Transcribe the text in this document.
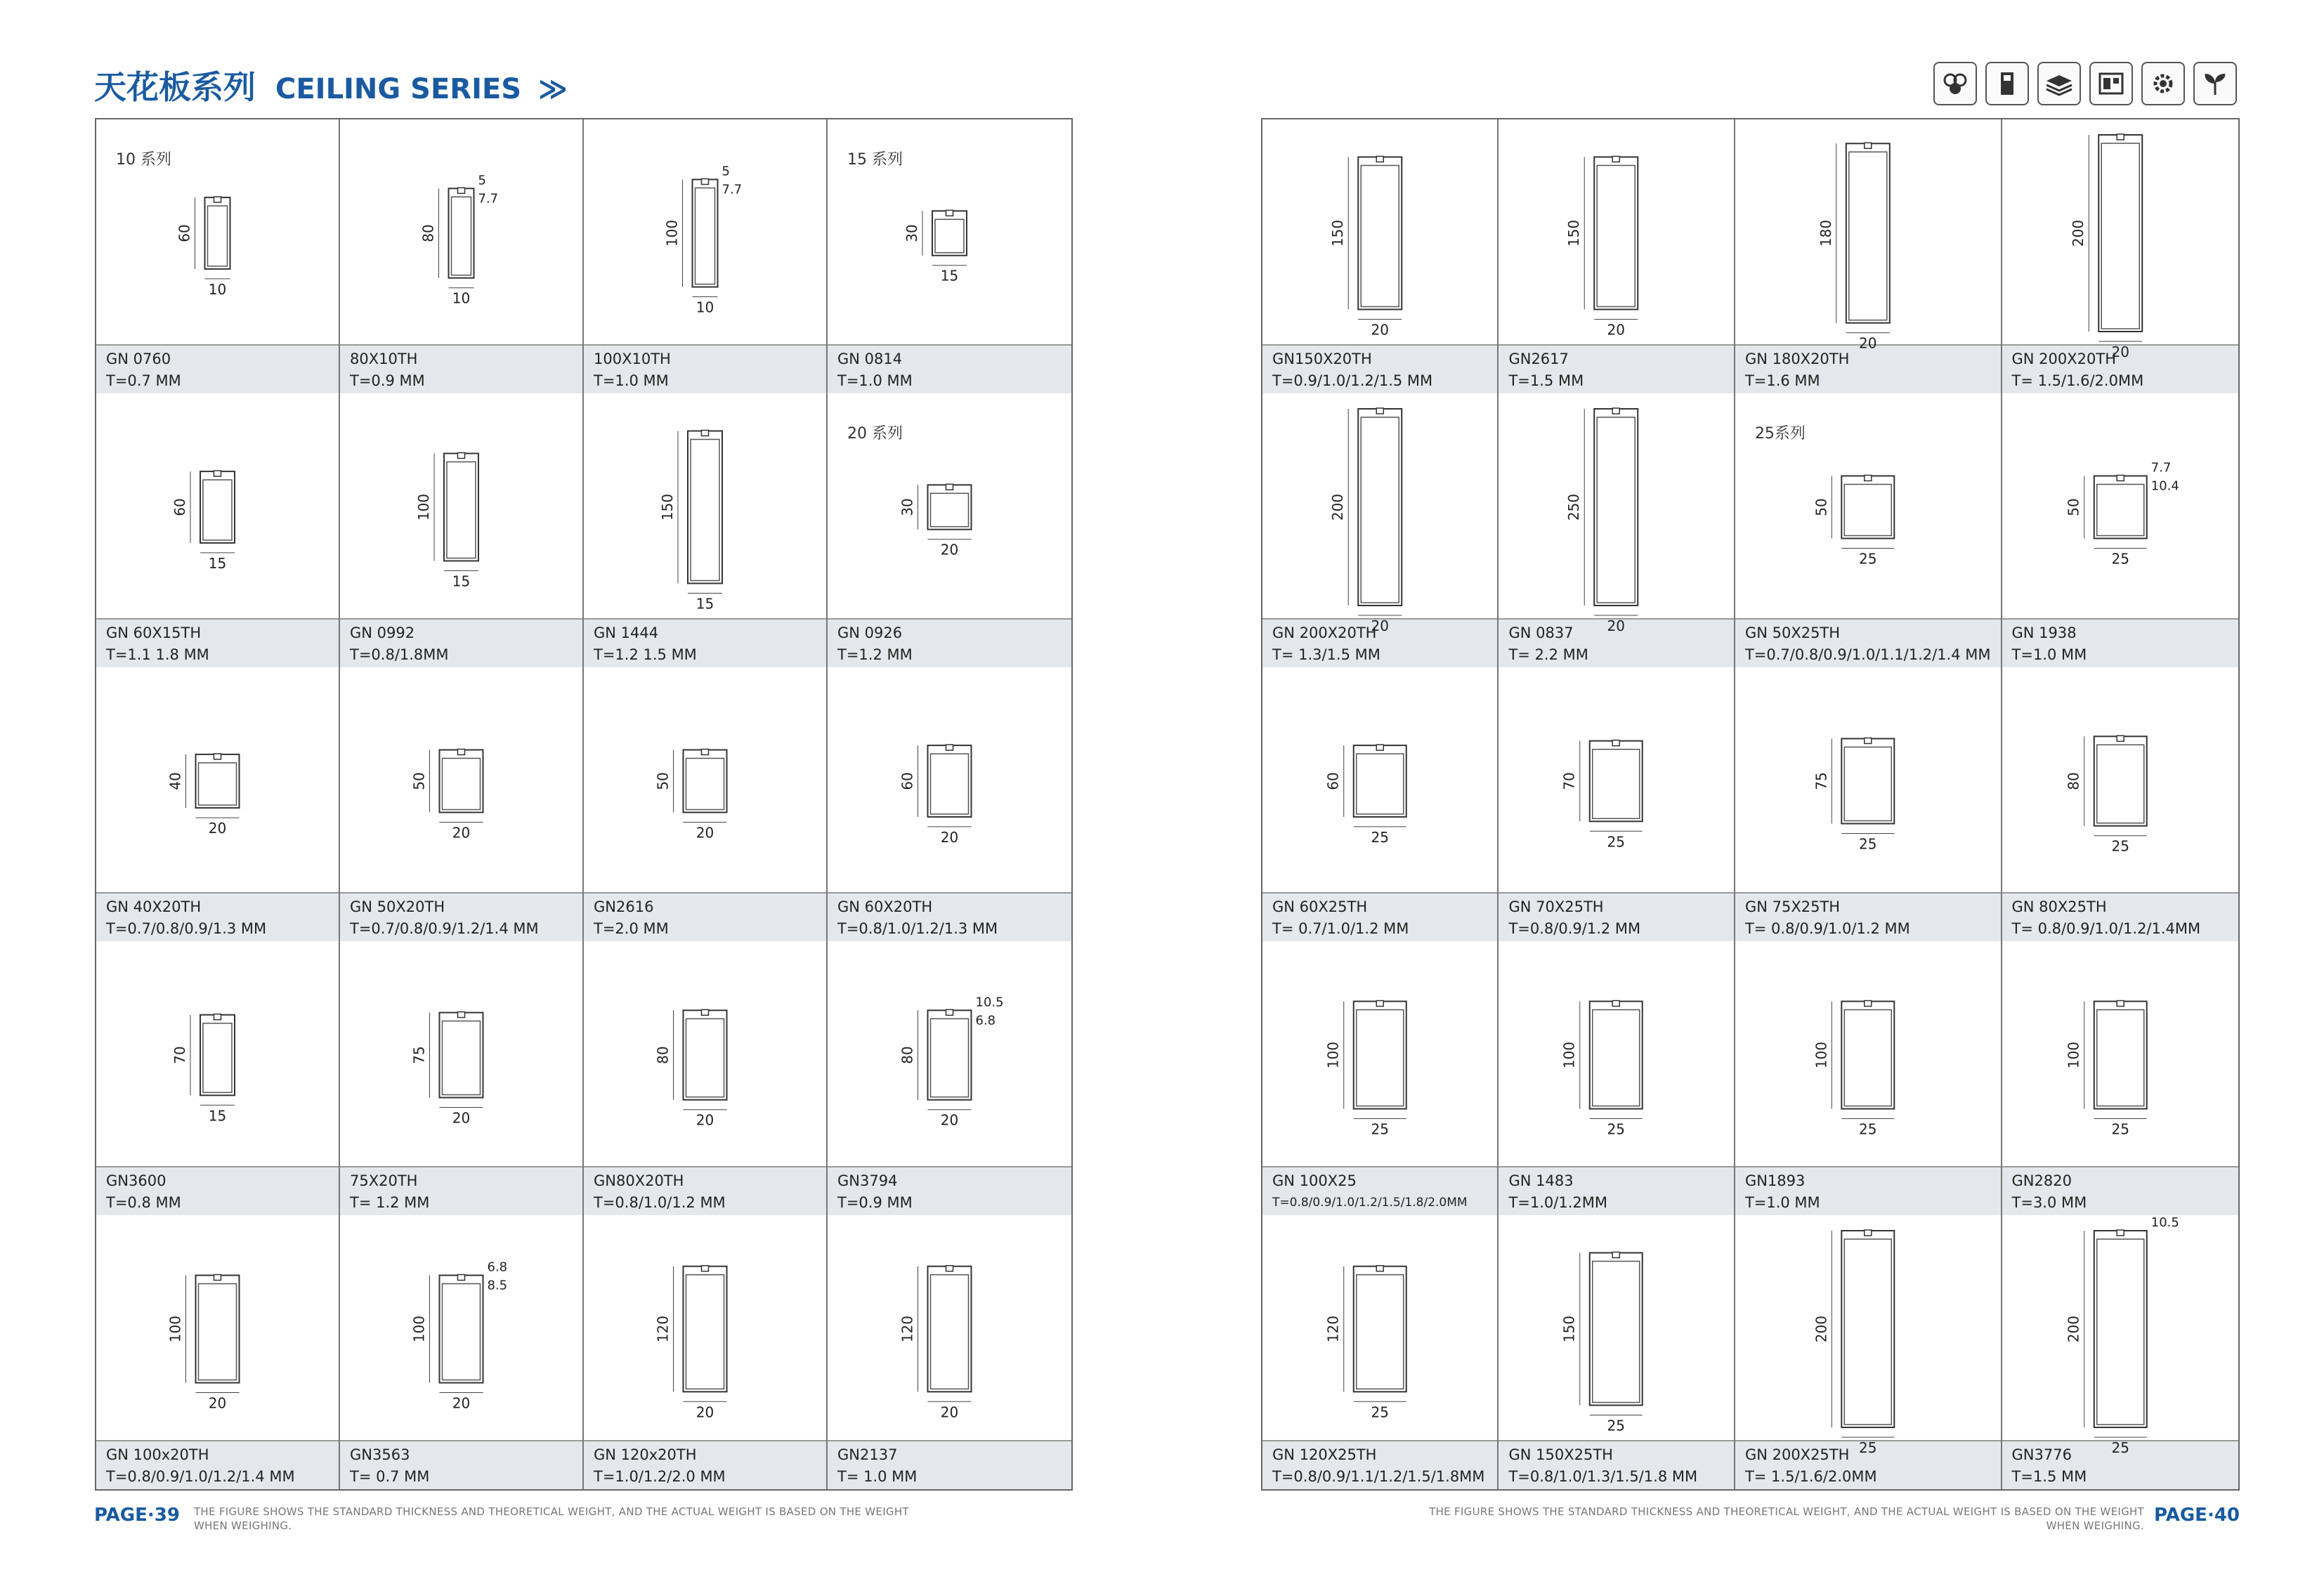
天花板系列 CEILING SERIES ≫
10 系列
60
10
GN 0760
T=0.7 MM
80
10
5
7.7
80X10TH
T=0.9 MM
100
10
5
7.7
100X10TH
T=1.0 MM
15 系列
30
15
GN 0814
T=1.0 MM
60
15
GN 60X15TH
T=1.1 1.8 MM
100
15
GN 0992
T=0.8/1.8MM
150
15
GN 1444
T=1.2 1.5 MM
20 系列
30
20
GN 0926
T=1.2 MM
40
20
GN 40X20TH
T=0.7/0.8/0.9/1.3 MM
50
20
GN 50X20TH
T=0.7/0.8/0.9/1.2/1.4 MM
50
20
GN2616
T=2.0 MM
60
20
GN 60X20TH
T=0.8/1.0/1.2/1.3 MM
70
15
GN3600
T=0.8 MM
75
20
75X20TH
T= 1.2 MM
80
20
GN80X20TH
T=0.8/1.0/1.2 MM
80
20
10.5
6.8
GN3794
T=0.9 MM
100
20
GN 100x20TH
T=0.8/0.9/1.0/1.2/1.4 MM
100
20
6.8
8.5
GN3563
T= 0.7 MM
120
20
GN 120x20TH
T=1.0/1.2/2.0 MM
120
20
GN2137
T= 1.0 MM
150
20
GN150X20TH
T=0.9/1.0/1.2/1.5 MM
150
20
GN2617
T=1.5 MM
180
20
GN 180X20TH
T=1.6 MM
200
20
GN 200X20TH
T= 1.5/1.6/2.0MM
200
20
GN 200X20TH
T= 1.3/1.5 MM
250
20
GN 0837
T= 2.2 MM
25系列
50
25
GN 50X25TH
T=0.7/0.8/0.9/1.0/1.1/1.2/1.4 MM
50
25
7.7
10.4
GN 1938
T=1.0 MM
60
25
GN 60X25TH
T= 0.7/1.0/1.2 MM
70
25
GN 70X25TH
T=0.8/0.9/1.2 MM
75
25
GN 75X25TH
T= 0.8/0.9/1.0/1.2 MM
80
25
GN 80X25TH
T= 0.8/0.9/1.0/1.2/1.4MM
100
25
GN 100X25
T=0.8/0.9/1.0/1.2/1.5/1.8/2.0MM
100
25
GN 1483
T=1.0/1.2MM
100
25
GN1893
T=1.0 MM
100
25
GN2820
T=3.0 MM
120
25
GN 120X25TH
T=0.8/0.9/1.1/1.2/1.5/1.8MM
150
25
GN 150X25TH
T=0.8/1.0/1.3/1.5/1.8 MM
200
25
GN 200X25TH
T= 1.5/1.6/2.0MM
200
25
10.5
GN3776
T=1.5 MM
PAGE·39 THE FIGURE SHOWS THE STANDARD THICKNESS AND THEORETICAL WEIGHT, AND THE ACTUAL WEIGHT IS BASED ON THE WEIGHT WHEN WEIGHING.
THE FIGURE SHOWS THE STANDARD THICKNESS AND THEORETICAL WEIGHT, AND THE ACTUAL WEIGHT IS BASED ON THE WEIGHT WHEN WEIGHING. PAGE·40
